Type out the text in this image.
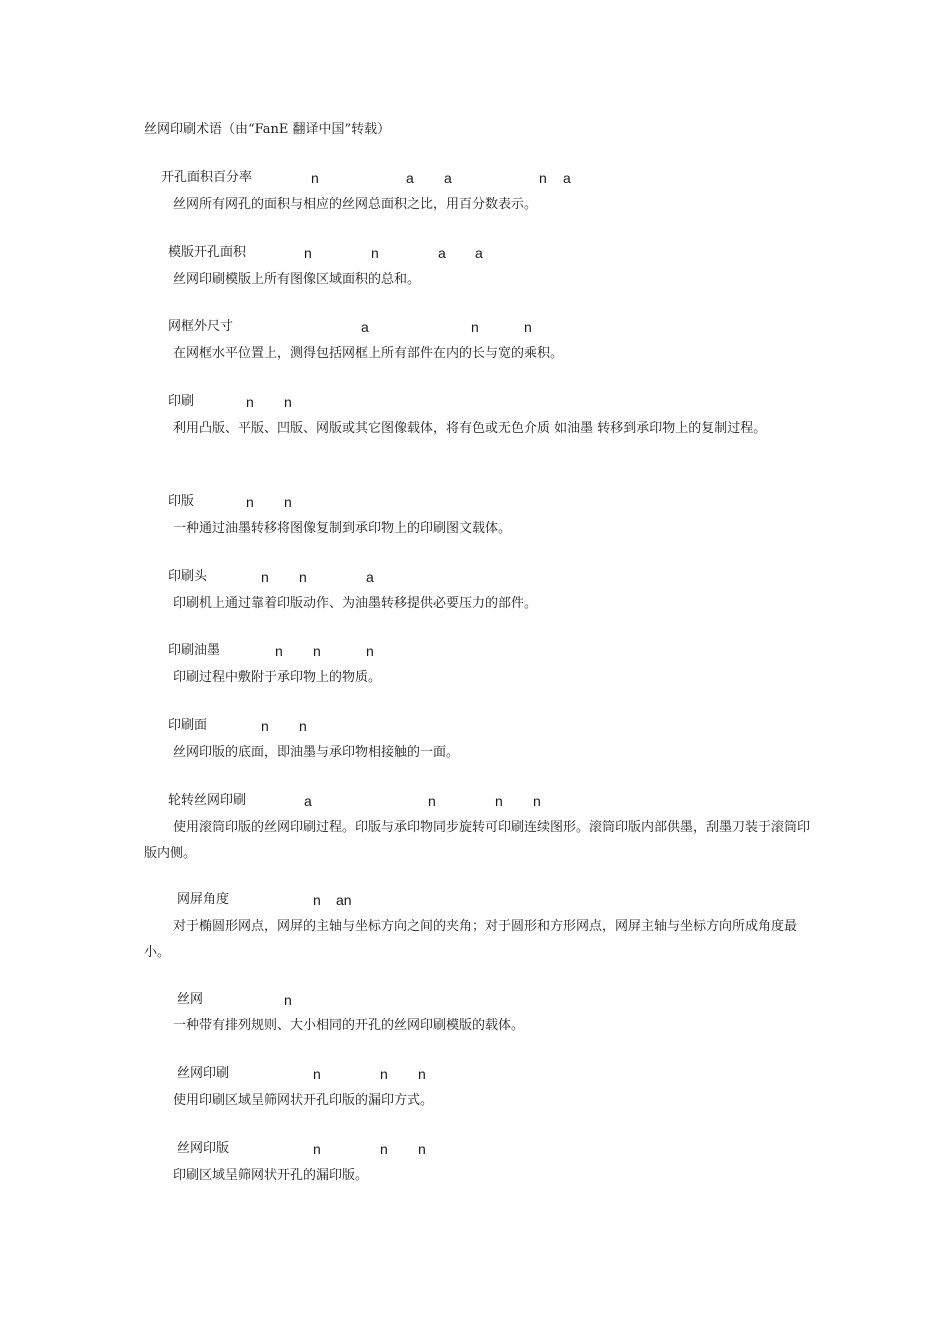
丝网印刷术语（由“FanE 翻译中国”转载）
开孔面积百分率	n	a a	n a
丝网所有网孔的面积与相应的丝网总面积之比，用百分数表示。
模版开孔面积	n	n	a a
丝网印刷模版上所有图像区域面积的总和。
网框外尺寸	a	n	n
在网框水平位置上，测得包括网框上所有部件在内的长与宽的乘积。
印刷	n n
利用凸版、平版、凹版、网版或其它图像载体，将有色或无色介质 如油墨 转移到承印物上的复制过程。
印版	n n
一种通过油墨转移将图像复制到承印物上的印刷图文载体。
印刷头	n n	a
印刷机上通过靠着印版动作、为油墨转移提供必要压力的部件。
印刷油墨	n n	n
印刷过程中敷附于承印物上的物质。
印刷面	n n
丝网印版的底面，即油墨与承印物相接触的一面。
轮转丝网印刷	a	n	n n
使用滚筒印版的丝网印刷过程。印版与承印物同步旋转可印刷连续图形。滚筒印版内部供墨，刮墨刀装于滚筒印版内侧。
网屏角度	n an
对于椭圆形网点，网屏的主轴与坐标方向之间的夹角；对于圆形和方形网点，网屏主轴与坐标方向所成角度最小。
丝网	n
一种带有排列规则、大小相同的开孔的丝网印刷模版的载体。
丝网印刷	n	n n
使用印刷区域呈筛网状开孔印版的漏印方式。
丝网印版	n	n n
印刷区域呈筛网状开孔的漏印版。
